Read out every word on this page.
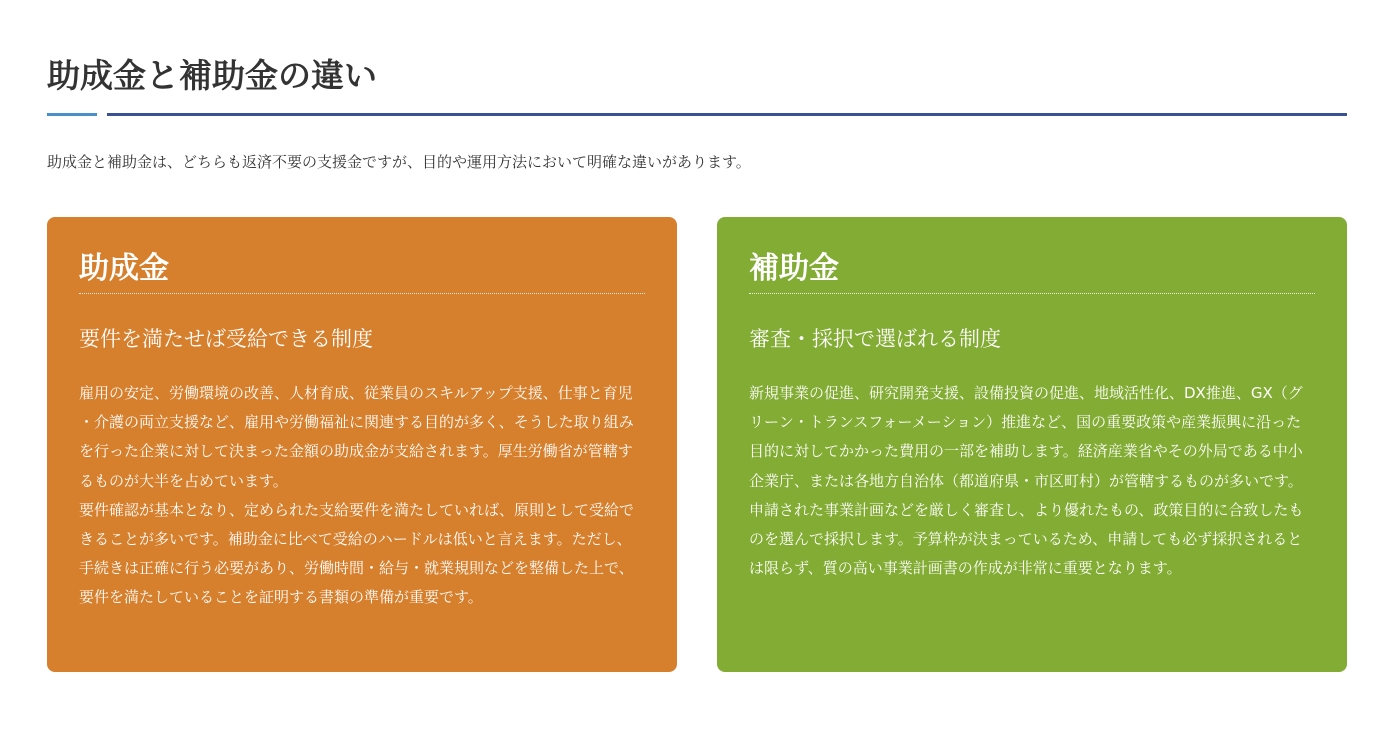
助成金と補助金の違い

助成金と補助金は、どちらも返済不要の支援金ですが、目的や運用方法において明確な違いがあります。

助成金
要件を満たせば受給できる制度

雇用の安定、労働環境の改善、人材育成、従業員のスキルアップ支援、仕事と育児・介護の両立支援など、雇用や労働福祉に関連する目的が多く、そうした取り組みを行った企業に対して決まった金額の助成金が支給されます。厚生労働省が管轄するものが大半を占めています。

要件確認が基本となり、定められた支給要件を満たしていれば、原則として受給できることが多いです。補助金に比べて受給のハードルは低いと言えます。ただし、手続きは正確に行う必要があり、労働時間・給与・就業規則などを整備した上で、要件を満たしていることを証明する書類の準備が重要です。

補助金
審査・採択で選ばれる制度

新規事業の促進、研究開発支援、設備投資の促進、地域活性化、DX推進、GX（グリーン・トランスフォーメーション）推進など、国の重要政策や産業振興に沿った目的に対してかかった費用の一部を補助します。経済産業省やその外局である中小企業庁、または各地方自治体（都道府県・市区町村）が管轄するものが多いです。

申請された事業計画などを厳しく審査し、より優れたもの、政策目的に合致したものを選んで採択します。予算枠が決まっているため、申請しても必ず採択されるとは限らず、質の高い事業計画書の作成が非常に重要となります。
